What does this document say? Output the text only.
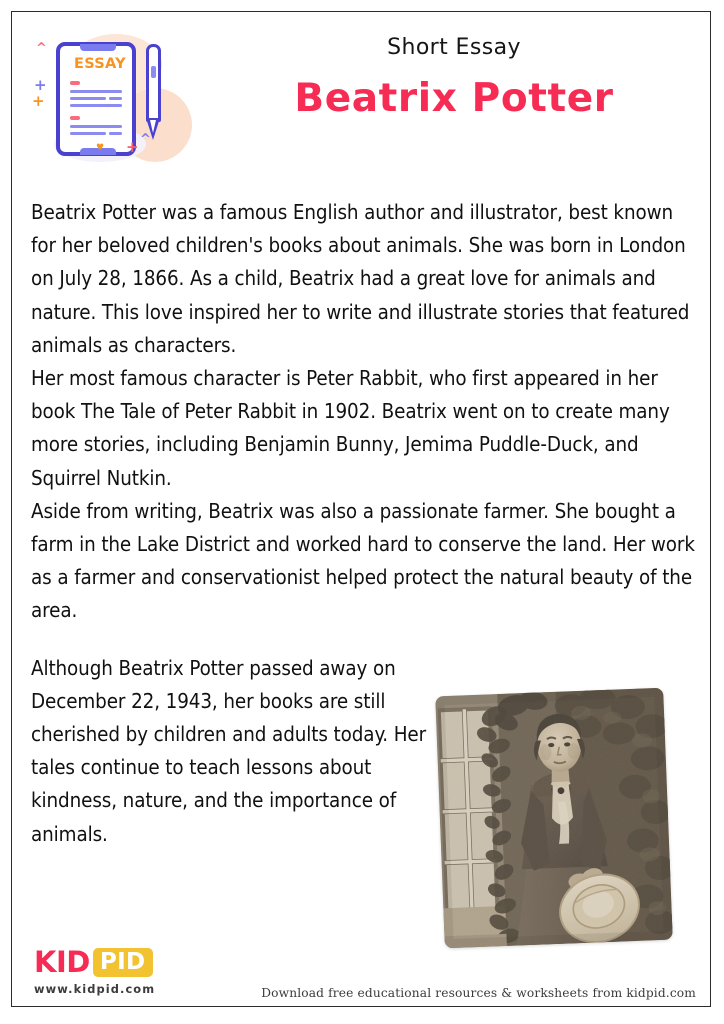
ESSAY
♥
^
+
+
^
+
Short Essay
Beatrix Potter

Beatrix Potter was a famous English author and illustrator, best known for her beloved children's books about animals. She was born in London on July 28, 1866. As a child, Beatrix had a great love for animals and nature. This love inspired her to write and illustrate stories that featured animals as characters.

Her most famous character is Peter Rabbit, who first appeared in her book The Tale of Peter Rabbit in 1902. Beatrix went on to create many more stories, including Benjamin Bunny, Jemima Puddle-Duck, and Squirrel Nutkin.

Aside from writing, Beatrix was also a passionate farmer. She bought a farm in the Lake District and worked hard to conserve the land. Her work as a farmer and conservationist helped protect the natural beauty of the area.

Although Beatrix Potter passed away on December 22, 1943, her books are still cherished by children and adults today. Her tales continue to teach lessons about kindness, nature, and the importance of animals.

KID PID
www.kidpid.com	Download free educational resources & worksheets from kidpid.com
